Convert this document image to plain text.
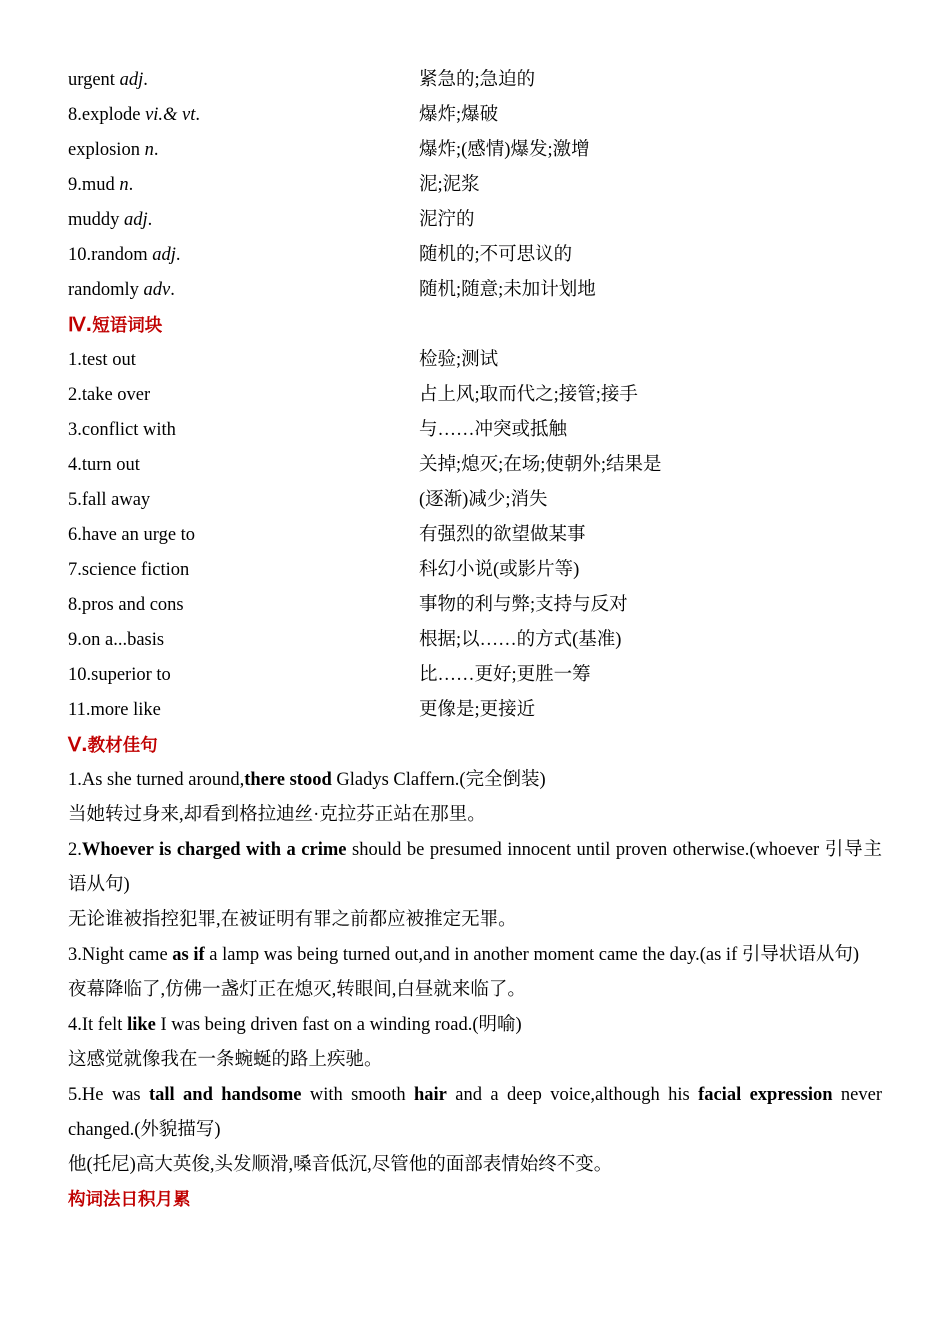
urgent adj.	紧急的;急迫的
8.explode vi.& vt.	爆炸;爆破
explosion n.	爆炸;(感情)爆发;激增
9.mud n.	泥;泥浆
muddy adj.	泥泞的
10.random adj.	随机的;不可思议的
randomly adv.	随机;随意;未加计划地
Ⅳ.短语词块
1.test out	检验;测试
2.take over	占上风;取而代之;接管;接手
3.conflict with	与……冲突或抵触
4.turn out	关掉;熄灭;在场;使朝外;结果是
5.fall away	(逐渐)减少;消失
6.have an urge to	有强烈的欲望做某事
7.science fiction	科幻小说(或影片等)
8.pros and cons	事物的利与弊;支持与反对
9.on a...basis	根据;以……的方式(基准)
10.superior to	比……更好;更胜一筹
11.more like	更像是;更接近
Ⅴ.教材佳句
1.As she turned around,there stood Gladys Claffern.(完全倒装)
当她转过身来,却看到格拉迪丝·克拉芬正站在那里。
2.Whoever is charged with a crime should be presumed innocent until proven otherwise.(whoever 引导主语从句)
无论谁被指控犯罪,在被证明有罪之前都应被推定无罪。
3.Night came as if a lamp was being turned out,and in another moment came the day.(as if 引导状语从句)
夜幕降临了,仿佛一盏灯正在熄灭,转眼间,白昼就来临了。
4.It felt like I was being driven fast on a winding road.(明喻)
这感觉就像我在一条蜿蜒的路上疾驰。
5.He was tall and handsome with smooth hair and a deep voice,although his facial expression never changed.(外貌描写)
他(托尼)高大英俊,头发顺滑,嗓音低沉,尽管他的面部表情始终不变。
构词法日积月累
